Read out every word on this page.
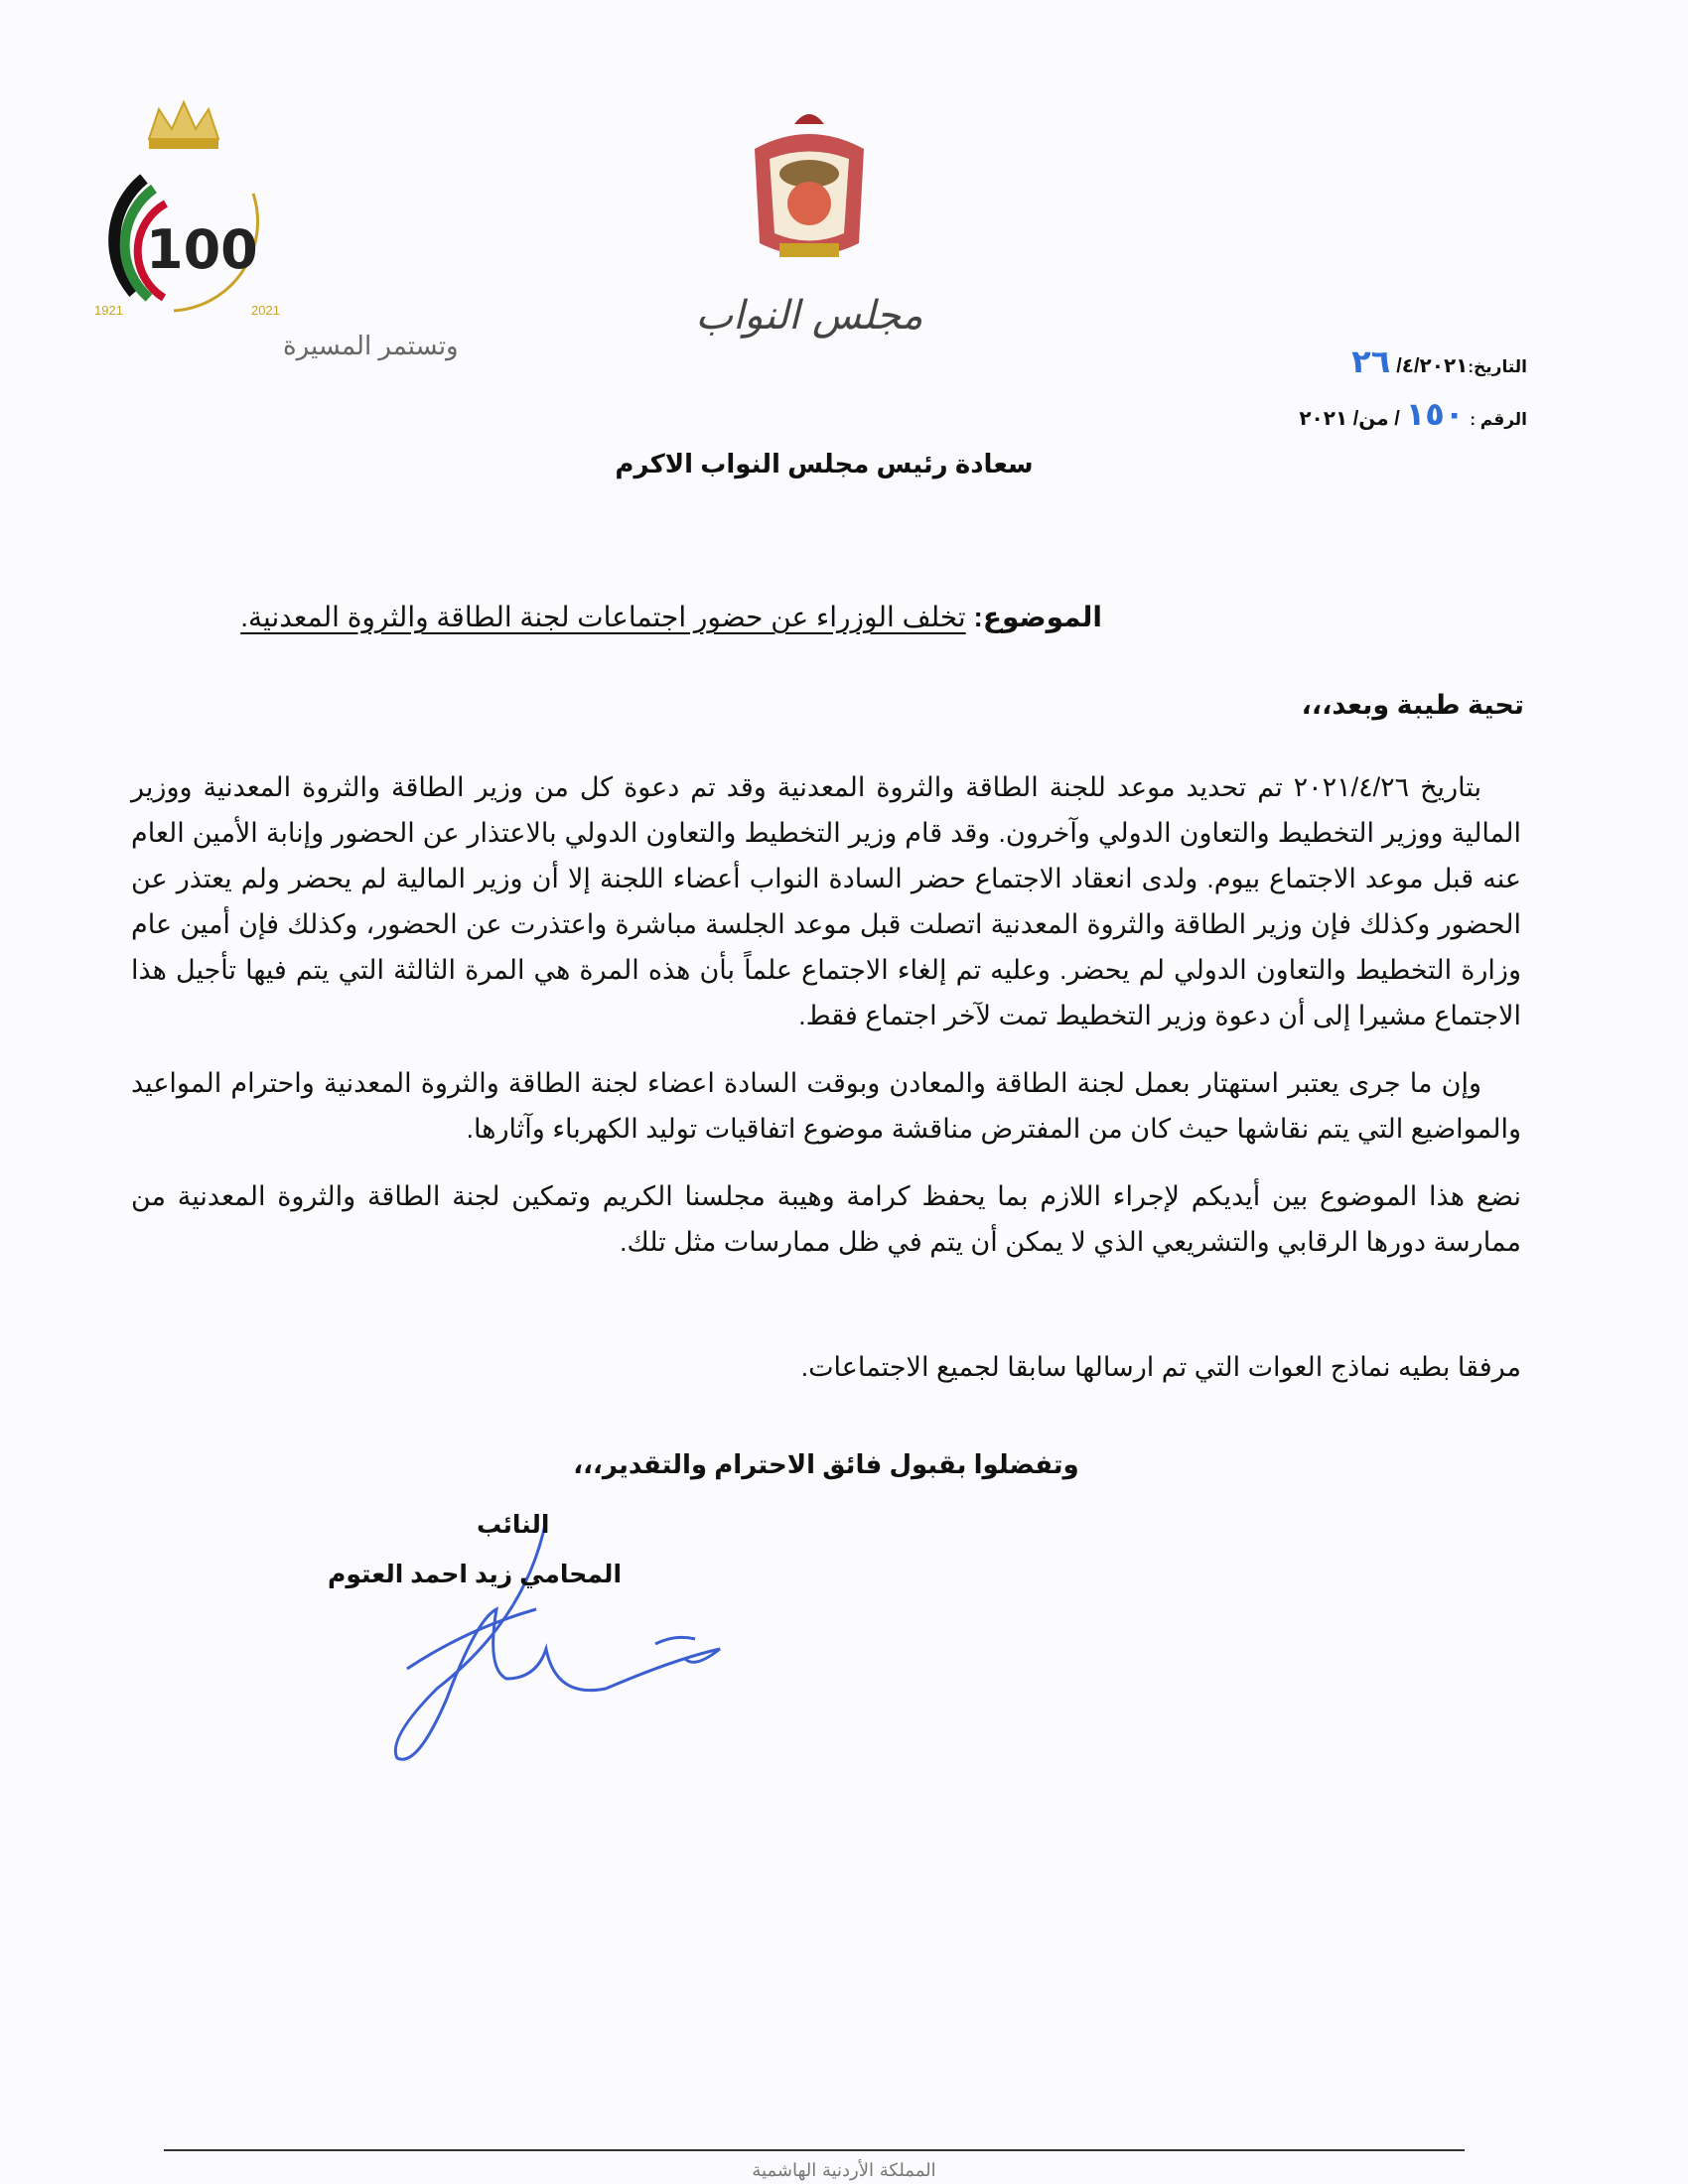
100
1921	2021
وتستمر المسيرة
مجلس النواب
التاريخ:٢٦ /٤/٢٠٢١
الرقم :١٥٠/ من/ ٢٠٢١
سعادة رئيس مجلس النواب الاكرم
الموضوع: تخلف الوزراء عن حضور اجتماعات لجنة الطاقة والثروة المعدنية.
تحية طيبة وبعد،،،

بتاريخ ٢٠٢١/٤/٢٦ تم تحديد موعد للجنة الطاقة والثروة المعدنية وقد تم دعوة كل من وزير الطاقة والثروة المعدنية ووزير المالية ووزير التخطيط والتعاون الدولي وآخرون. وقد قام وزير التخطيط والتعاون الدولي بالاعتذار عن الحضور وإنابة الأمين العام عنه قبل موعد الاجتماع بيوم. ولدى انعقاد الاجتماع حضر السادة النواب أعضاء اللجنة إلا أن وزير المالية لم يحضر ولم يعتذر عن الحضور وكذلك فإن وزير الطاقة والثروة المعدنية اتصلت قبل موعد الجلسة مباشرة واعتذرت عن الحضور، وكذلك فإن أمين عام وزارة التخطيط والتعاون الدولي لم يحضر. وعليه تم إلغاء الاجتماع علماً بأن هذه المرة هي المرة الثالثة التي يتم فيها تأجيل هذا الاجتماع مشيرا إلى أن دعوة وزير التخطيط تمت لآخر اجتماع فقط.

وإن ما جرى يعتبر استهتار بعمل لجنة الطاقة والمعادن وبوقت السادة اعضاء لجنة الطاقة والثروة المعدنية واحترام المواعيد والمواضيع التي يتم نقاشها حيث كان من المفترض مناقشة موضوع اتفاقيات توليد الكهرباء وآثارها.

نضع هذا الموضوع بين أيديكم لإجراء اللازم بما يحفظ كرامة وهيبة مجلسنا الكريم وتمكين لجنة الطاقة والثروة المعدنية من ممارسة دورها الرقابي والتشريعي الذي لا يمكن أن يتم في ظل ممارسات مثل تلك.

مرفقا بطيه نماذج العوات التي تم ارسالها سابقا لجميع الاجتماعات.

وتفضلوا بقبول فائق الاحترام والتقدير،،،
النائب
المحامي زيد احمد العتوم
المملكة الأردنية الهاشمية
